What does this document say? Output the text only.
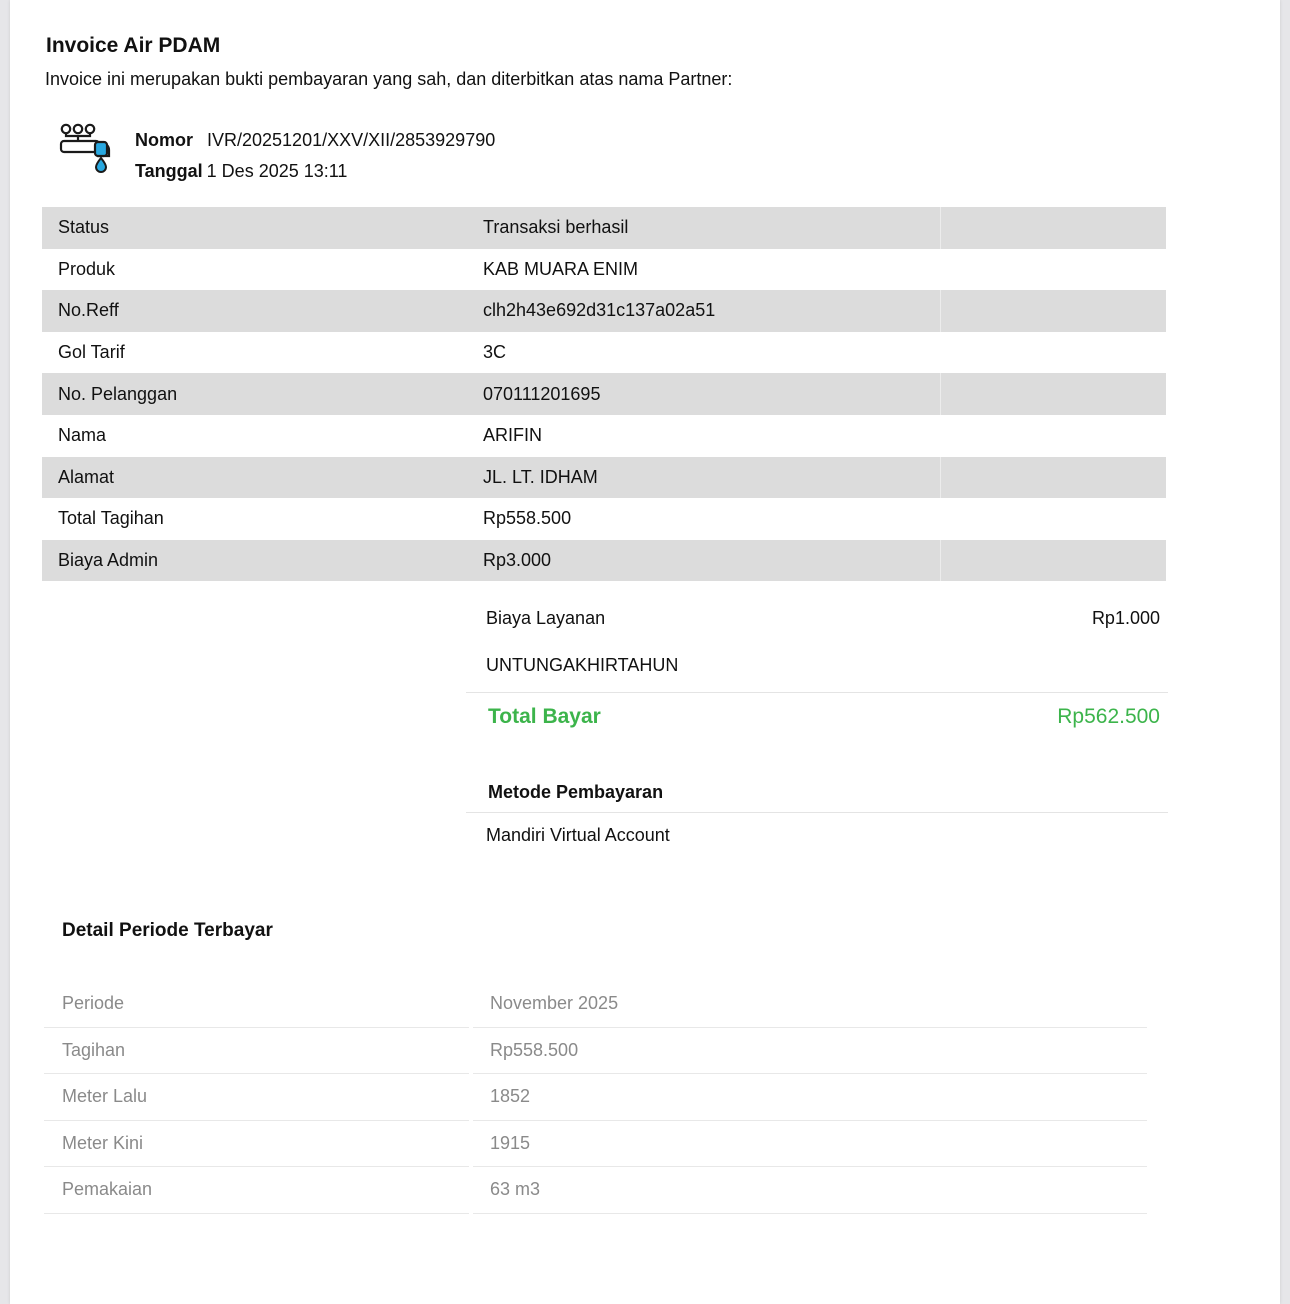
Invoice Air PDAM
Invoice ini merupakan bukti pembayaran yang sah, dan diterbitkan atas nama Partner:
Nomor IVR/20251201/XXV/XII/2853929790
Tanggal 1 Des 2025 13:11
Status	Transaksi berhasil
Produk	KAB MUARA ENIM
No.Reff	clh2h43e692d31c137a02a51
Gol Tarif	3C
No. Pelanggan	070111201695
Nama	ARIFIN
Alamat	JL. LT. IDHAM
Total Tagihan	Rp558.500
Biaya Admin	Rp3.000
Biaya Layanan	Rp1.000
UNTUNGAKHIRTAHUN
Total Bayar	Rp562.500
Metode Pembayaran
Mandiri Virtual Account
Detail Periode Terbayar
Periode	November 2025
Tagihan	Rp558.500
Meter Lalu	1852
Meter Kini	1915
Pemakaian	63 m3
